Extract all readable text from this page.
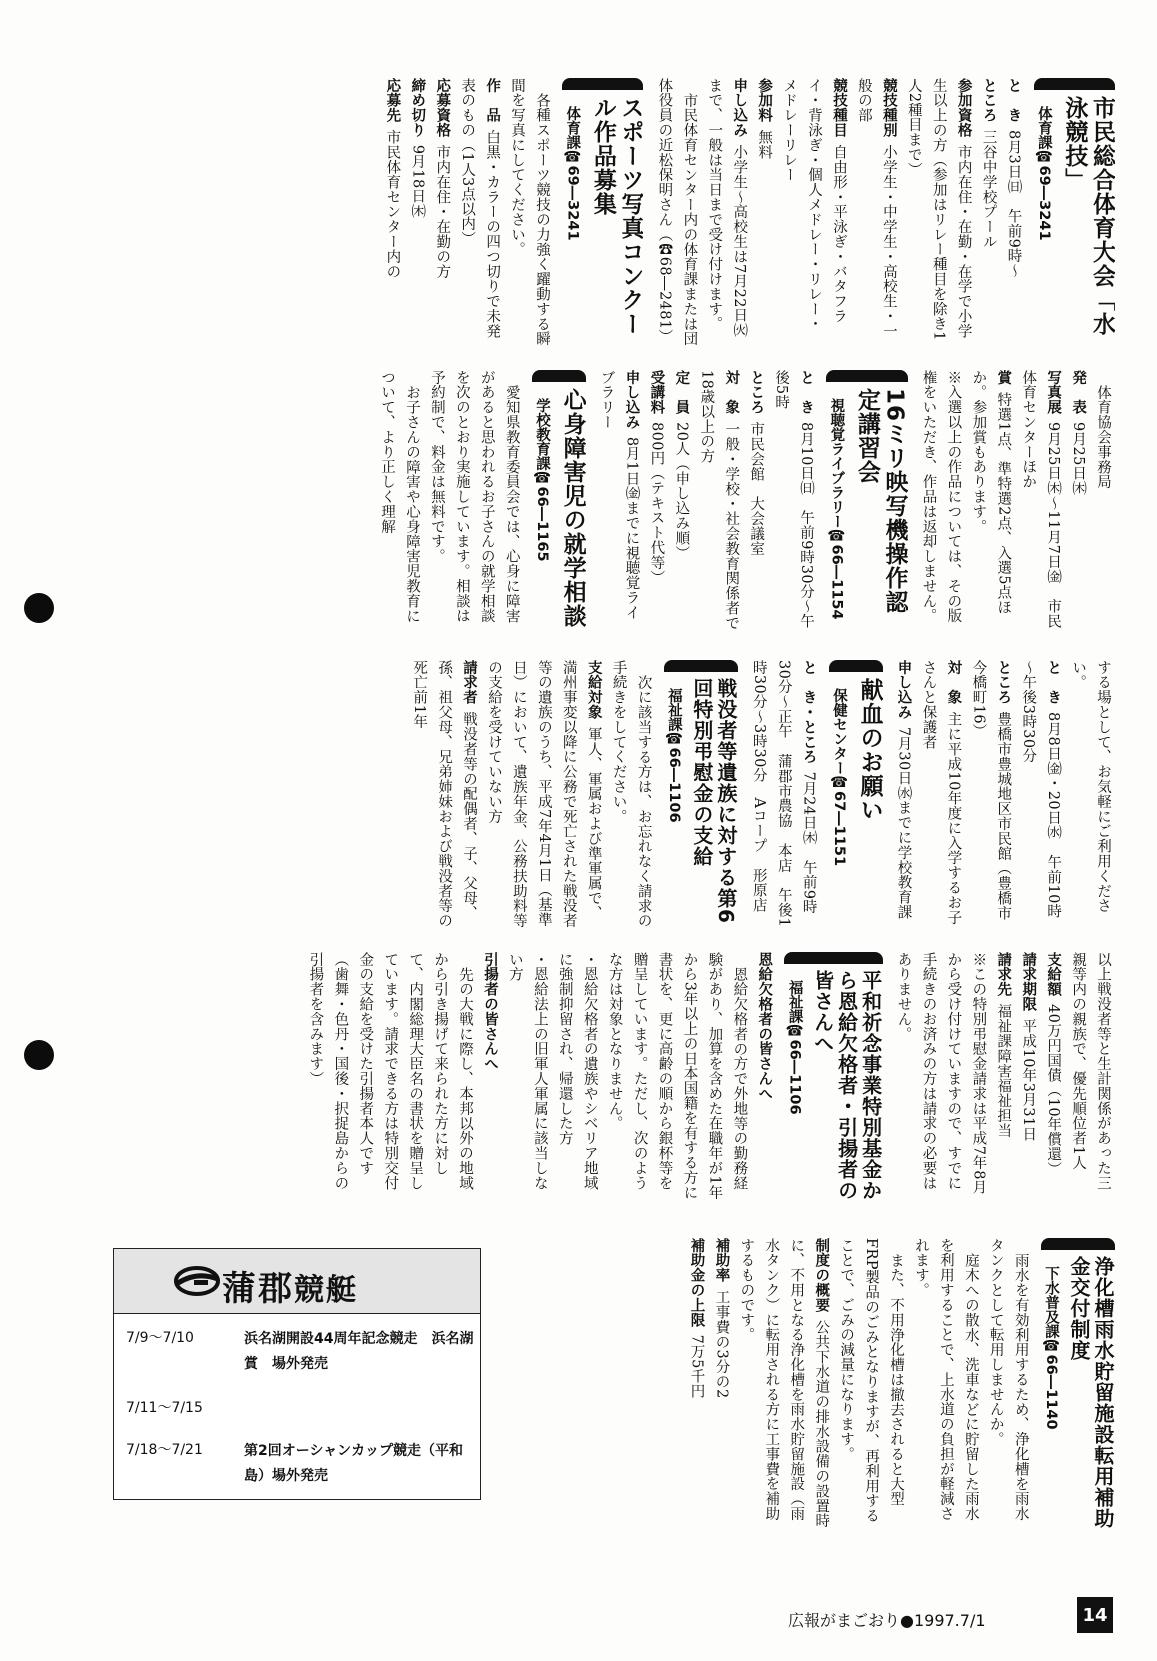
市民総合体育大会「水泳競技」

体育課☎69―3241

と　き8月3日㈰　午前9時～

ところ三谷中学校プール

参加資格市内在住・在勤・在学で小学生以上の方（参加はリレー種目を除き1人2種目まで）

競技種別小学生・中学生・高校生・一般の部

競技種目自由形・平泳ぎ・バタフライ・背泳ぎ・個人メドレー・リレー・メドレーリレー

参加料無料

申し込み小学生～高校生は7月22日㈫まで、一般は当日まで受け付けます。

市民体育センター内の体育課または団体役員の近松保明さん（☎68―2481）

スポーツ写真コンクール作品募集

体育課☎69―3241

各種スポーツ競技の力強く躍動する瞬間を写真にしてください。

作　品白黒・カラーの四つ切りで未発表のもの（1人3点以内）

応募資格市内在住・在勤の方

締め切り9月18日㈭

応募先市民体育センター内の

体育協会事務局

発　表9月25日㈭

写真展9月25日㈭～11月7日㈮　市民体育センターほか

賞特選1点、準特選2点、入選5点ほか。参加賞もあります。

※入選以上の作品については、その版権をいただき、作品は返却しません。

16ミリ映写機操作認定講習会

視聴覚ライブラリー☎66―1154

と　き8月10日㈰　午前9時30分～午後5時

ところ市民会館　大会議室

対　象一般・学校・社会教育関係者で18歳以上の方

定　員20人（申し込み順）

受講料800円（テキスト代等）

申し込み8月1日㈮までに視聴覚ライブラリー

心身障害児の就学相談

学校教育課☎66―1165

愛知県教育委員会では、心身に障害があると思われるお子さんの就学相談を次のとおり実施しています。相談は予約制で、料金は無料です。

お子さんの障害や心身障害児教育について、より正しく理解

する場として、お気軽にご利用ください。

と　き8月8日㈮・20日㈬　午前10時～午後3時30分

ところ豊橋市豊城地区市民館（豊橋市今橋町16）

対　象主に平成10年度に入学するお子さんと保護者

申し込み7月30日㈬までに学校教育課

献血のお願い

保健センター☎67―1151

と　き・ところ7月24日㈭　午前9時30分～正午　蒲郡市農協　本店　午後1時30分～3時30分　Aコープ　形原店

戦没者等遺族に対する第6回特別弔慰金の支給

福祉課☎66―1106

次に該当する方は、お忘れなく請求の手続きをしてください。

支給対象軍人、軍属および準軍属で、満州事変以降に公務で死亡された戦没者等の遺族のうち、平成7年4月1日（基準日）において、遺族年金、公務扶助料等の支給を受けていない方

請求者戦没者等の配偶者、子、父母、孫、祖父母、兄弟姉妹および戦没者等の死亡前1年

以上戦没者等と生計関係があった三親等内の親族で、優先順位者1人

支給額40万円国債（10年償還）

請求期限平成10年3月31日

請求先福祉課障害福祉担当

※この特別弔慰金請求は平成7年8月から受け付けていますので、すでに手続きのお済みの方は請求の必要はありません。

平和祈念事業特別基金から恩給欠格者・引揚者の皆さんへ

福祉課☎66―1106

恩給欠格者の皆さんへ

恩給欠格者の方で外地等の勤務経験があり、加算を含めた在職年が1年から3年以上の日本国籍を有する方に書状を、更に高齢の順から銀杯等を贈呈しています。ただし、次のような方は対象となりません。

・恩給欠格者の遺族やシベリア地域に強制抑留され、帰還した方

・恩給法上の旧軍人軍属に該当しない方

引揚者の皆さんへ

先の大戦に際し、本邦以外の地域から引き揚げて来られた方に対して、内閣総理大臣名の書状を贈呈しています。請求できる方は特別交付金の支給を受けた引揚者本人です（歯舞・色丹・国後・択捉島からの引揚者を含みます）

浄化槽雨水貯留施設転用補助金交付制度

下水普及課☎66―1140

雨水を有効利用するため、浄化槽を雨水タンクとして転用しませんか。

庭木への散水、洗車などに貯留した雨水を利用することで、上水道の負担が軽減されます。

また、不用浄化槽は撤去されると大型FRP製品のごみとなりますが、再利用することで、ごみの減量になります。

制度の概要公共下水道の排水設備の設置時に、不用となる浄化槽を雨水貯留施設（雨水タンク）に転用される方に工事費を補助するものです。

補助率工事費の3分の2

補助金の上限7万5千円

蒲郡競艇
7/9～7/10	浜名湖開設44周年記念競走　浜名湖賞　場外発売
7/11～7/15
7/18～7/21	第2回オーシャンカップ競走（平和島）場外発売
広報がまごおり●1997.7/1	14
